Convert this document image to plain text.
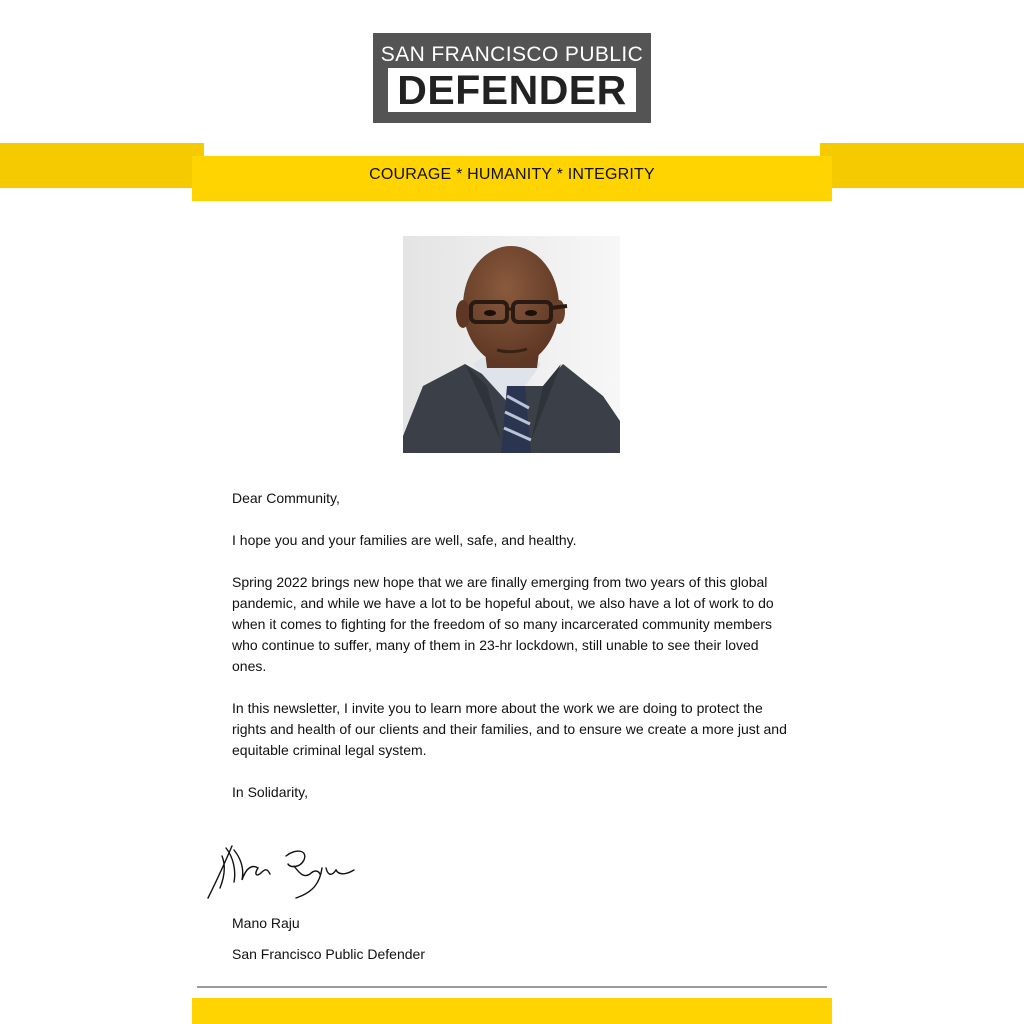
SAN FRANCISCO PUBLIC
DEFENDER
COURAGE * HUMANITY * INTEGRITY

Dear Community,

I hope you and your families are well, safe, and healthy.

Spring 2022 brings new hope that we are finally emerging from two years of this global pandemic, and while we have a lot to be hopeful about, we also have a lot of work to do when it comes to fighting for the freedom of so many incarcerated community members who continue to suffer, many of them in 23-hr lockdown, still unable to see their loved ones.

In this newsletter, I invite you to learn more about the work we are doing to protect the rights and health of our clients and their families, and to ensure we create a more just and equitable criminal legal system.

In Solidarity,

Mano Raju
San Francisco Public Defender
